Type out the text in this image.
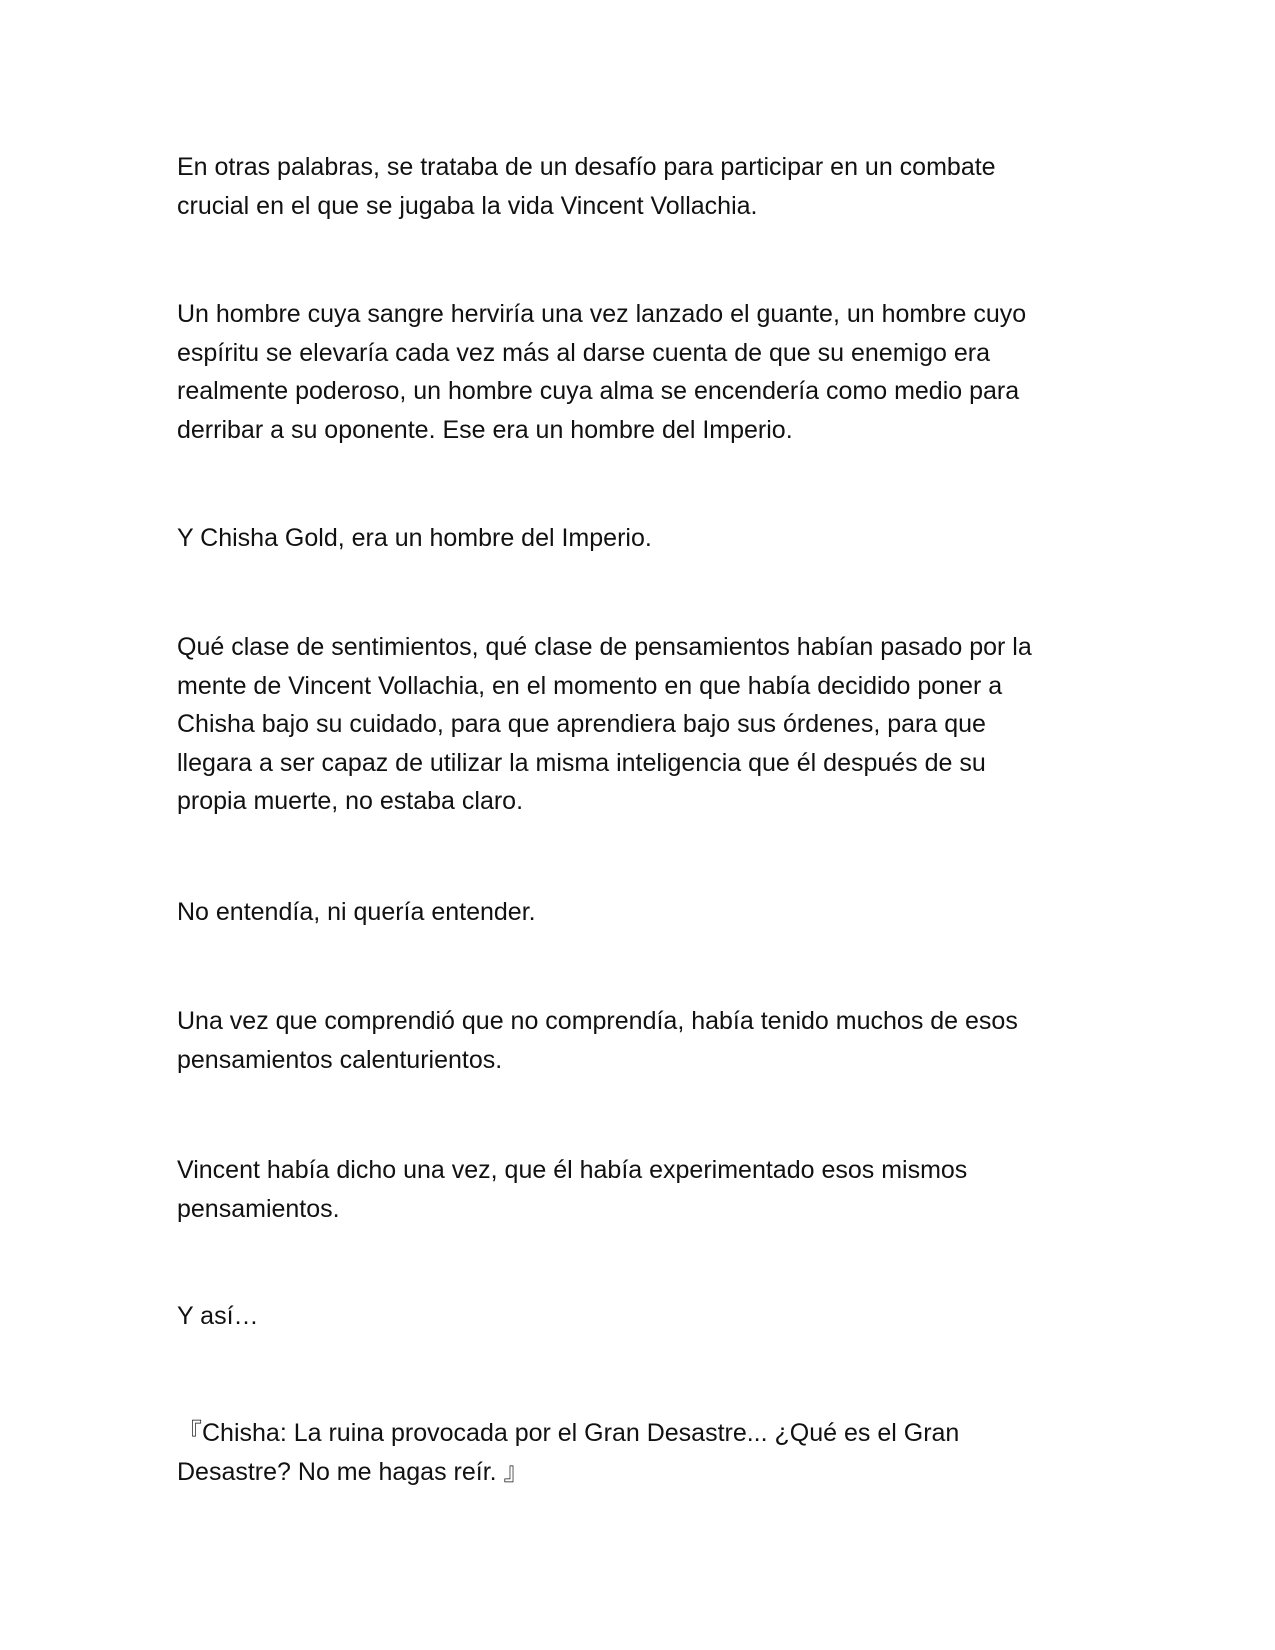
En otras palabras, se trataba de un desafío para participar en un combate
crucial en el que se jugaba la vida Vincent Vollachia.

Un hombre cuya sangre herviría una vez lanzado el guante, un hombre cuyo
espíritu se elevaría cada vez más al darse cuenta de que su enemigo era
realmente poderoso, un hombre cuya alma se encendería como medio para
derribar a su oponente. Ese era un hombre del Imperio.

Y Chisha Gold, era un hombre del Imperio.

Qué clase de sentimientos, qué clase de pensamientos habían pasado por la
mente de Vincent Vollachia, en el momento en que había decidido poner a
Chisha bajo su cuidado, para que aprendiera bajo sus órdenes, para que
llegara a ser capaz de utilizar la misma inteligencia que él después de su
propia muerte, no estaba claro.

No entendía, ni quería entender.

Una vez que comprendió que no comprendía, había tenido muchos de esos
pensamientos calenturientos.

Vincent había dicho una vez, que él había experimentado esos mismos
pensamientos.

Y así…

『Chisha: La ruina provocada por el Gran Desastre... ¿Qué es el Gran
Desastre? No me hagas reír. 』
